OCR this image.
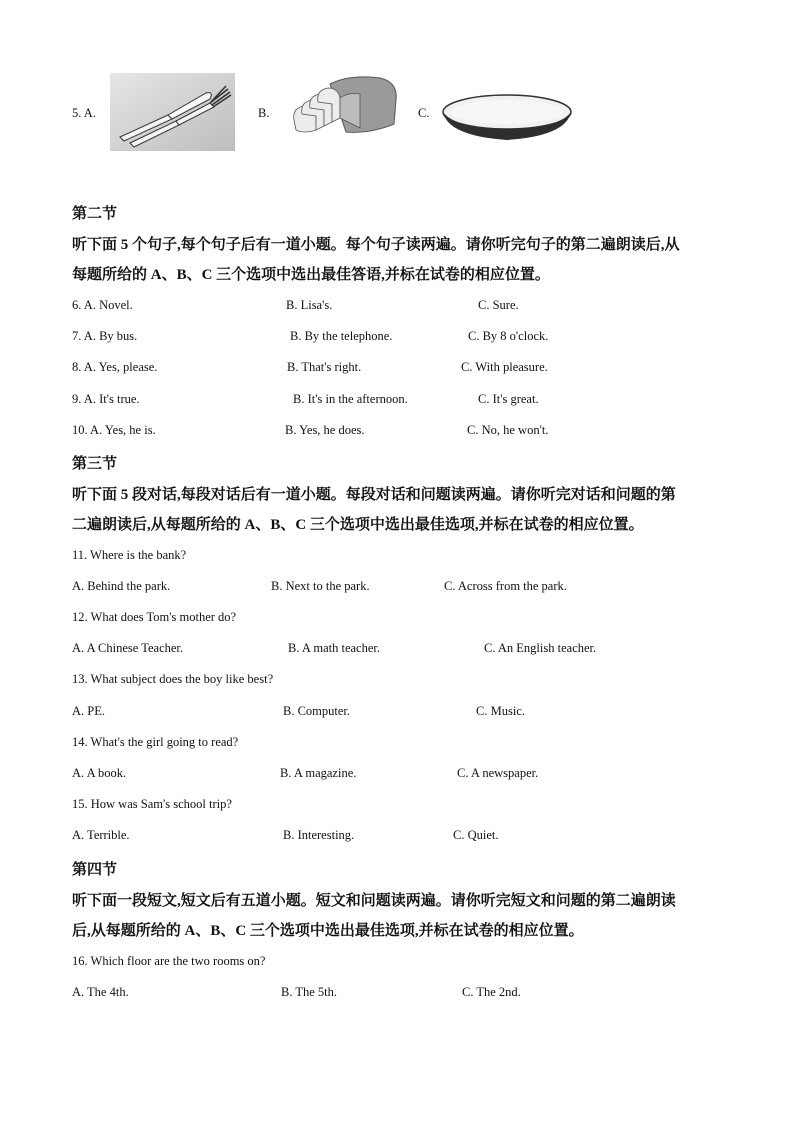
5. A.	B.	C.
第二节
听下面 5 个句子,每个句子后有一道小题。每个句子读两遍。请你听完句子的第二遍朗读后,从
每题所给的 A、B、C 三个选项中选出最佳答语,并标在试卷的相应位置。
6. A. Novel.	B. Lisa's.	C. Sure.
7. A. By bus.	B. By the telephone.	C. By 8 o'clock.
8. A. Yes, please.	B. That's right.	C. With pleasure.
9. A. It's true.	B. It's in the afternoon.	C. It's great.
10. A. Yes, he is.	B. Yes, he does.	C. No, he won't.
第三节
听下面 5 段对话,每段对话后有一道小题。每段对话和问题读两遍。请你听完对话和问题的第
二遍朗读后,从每题所给的 A、B、C 三个选项中选出最佳选项,并标在试卷的相应位置。
11. Where is the bank?
A. Behind the park.	B. Next to the park.	C. Across from the park.
12. What does Tom's mother do?
A. A Chinese Teacher.	B. A math teacher.	C. An English teacher.
13. What subject does the boy like best?
A. PE.	B. Computer.	C. Music.
14. What's the girl going to read?
A. A book.	B. A magazine.	C. A newspaper.
15. How was Sam's school trip?
A. Terrible.	B. Interesting.	C. Quiet.
第四节
听下面一段短文,短文后有五道小题。短文和问题读两遍。请你听完短文和问题的第二遍朗读
后,从每题所给的 A、B、C 三个选项中选出最佳选项,并标在试卷的相应位置。
16. Which floor are the two rooms on?
A. The 4th.	B. The 5th.	C. The 2nd.
